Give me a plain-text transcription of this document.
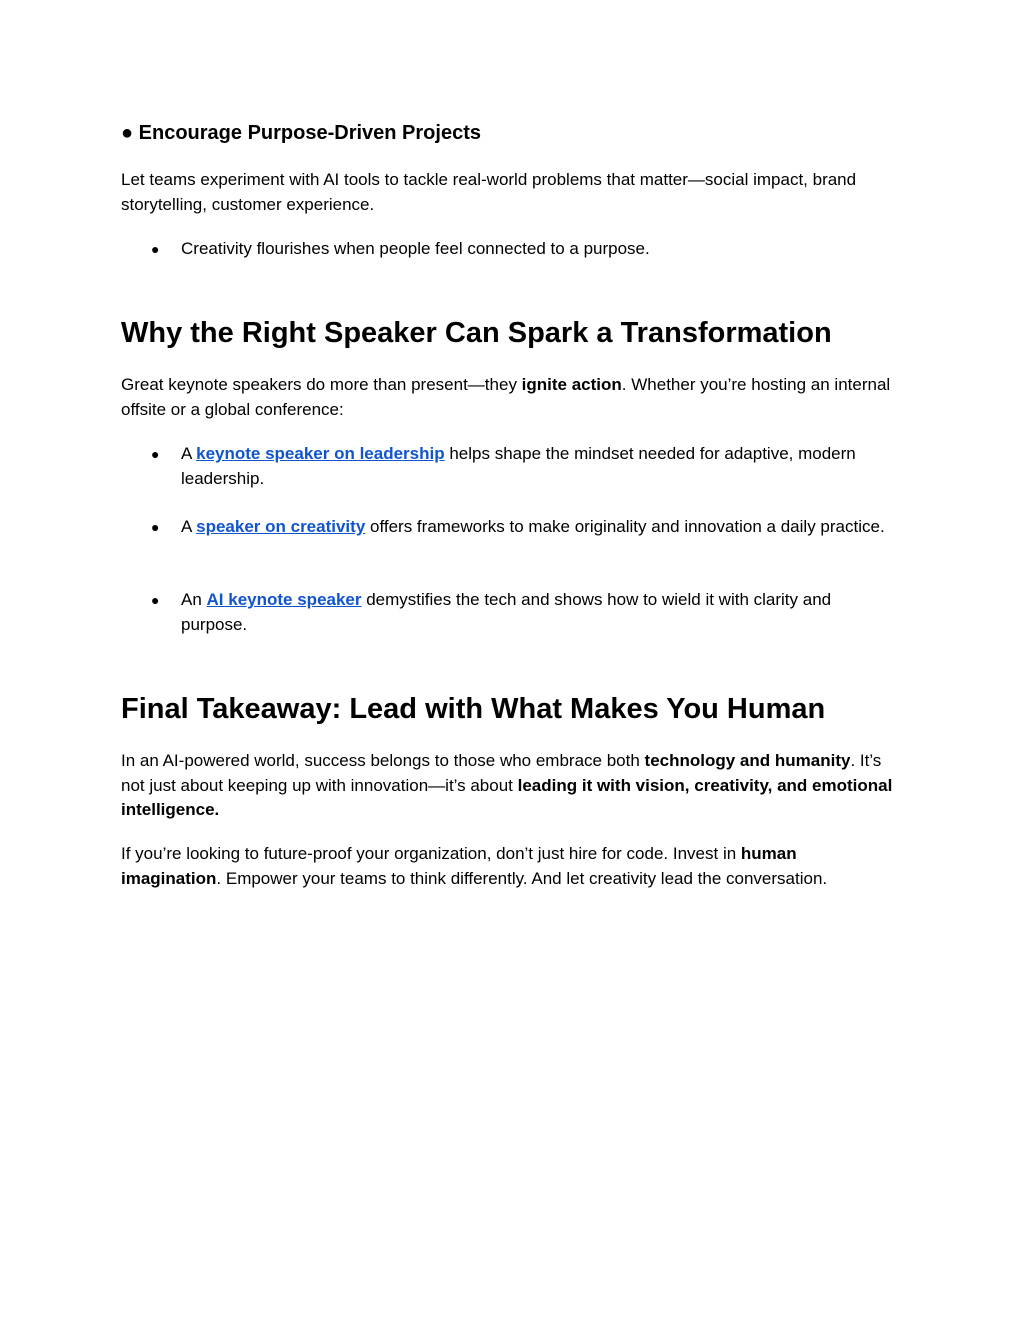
● Encourage Purpose-Driven Projects

Let teams experiment with AI tools to tackle real-world problems that matter—social impact, brand storytelling, customer experience.

● Creativity flourishes when people feel connected to a purpose.
Why the Right Speaker Can Spark a Transformation

Great keynote speakers do more than present—they ignite action. Whether you’re hosting an internal offsite or a global conference:

● A keynote speaker on leadership helps shape the mindset needed for adaptive, modern leadership.
● A speaker on creativity offers frameworks to make originality and innovation a daily practice.
● An AI keynote speaker demystifies the tech and shows how to wield it with clarity and purpose.
Final Takeaway: Lead with What Makes You Human

In an AI-powered world, success belongs to those who embrace both technology and humanity. It’s not just about keeping up with innovation—it’s about leading it with vision, creativity, and emotional intelligence.

If you’re looking to future-proof your organization, don’t just hire for code. Invest in human imagination. Empower your teams to think differently. And let creativity lead the conversation.
